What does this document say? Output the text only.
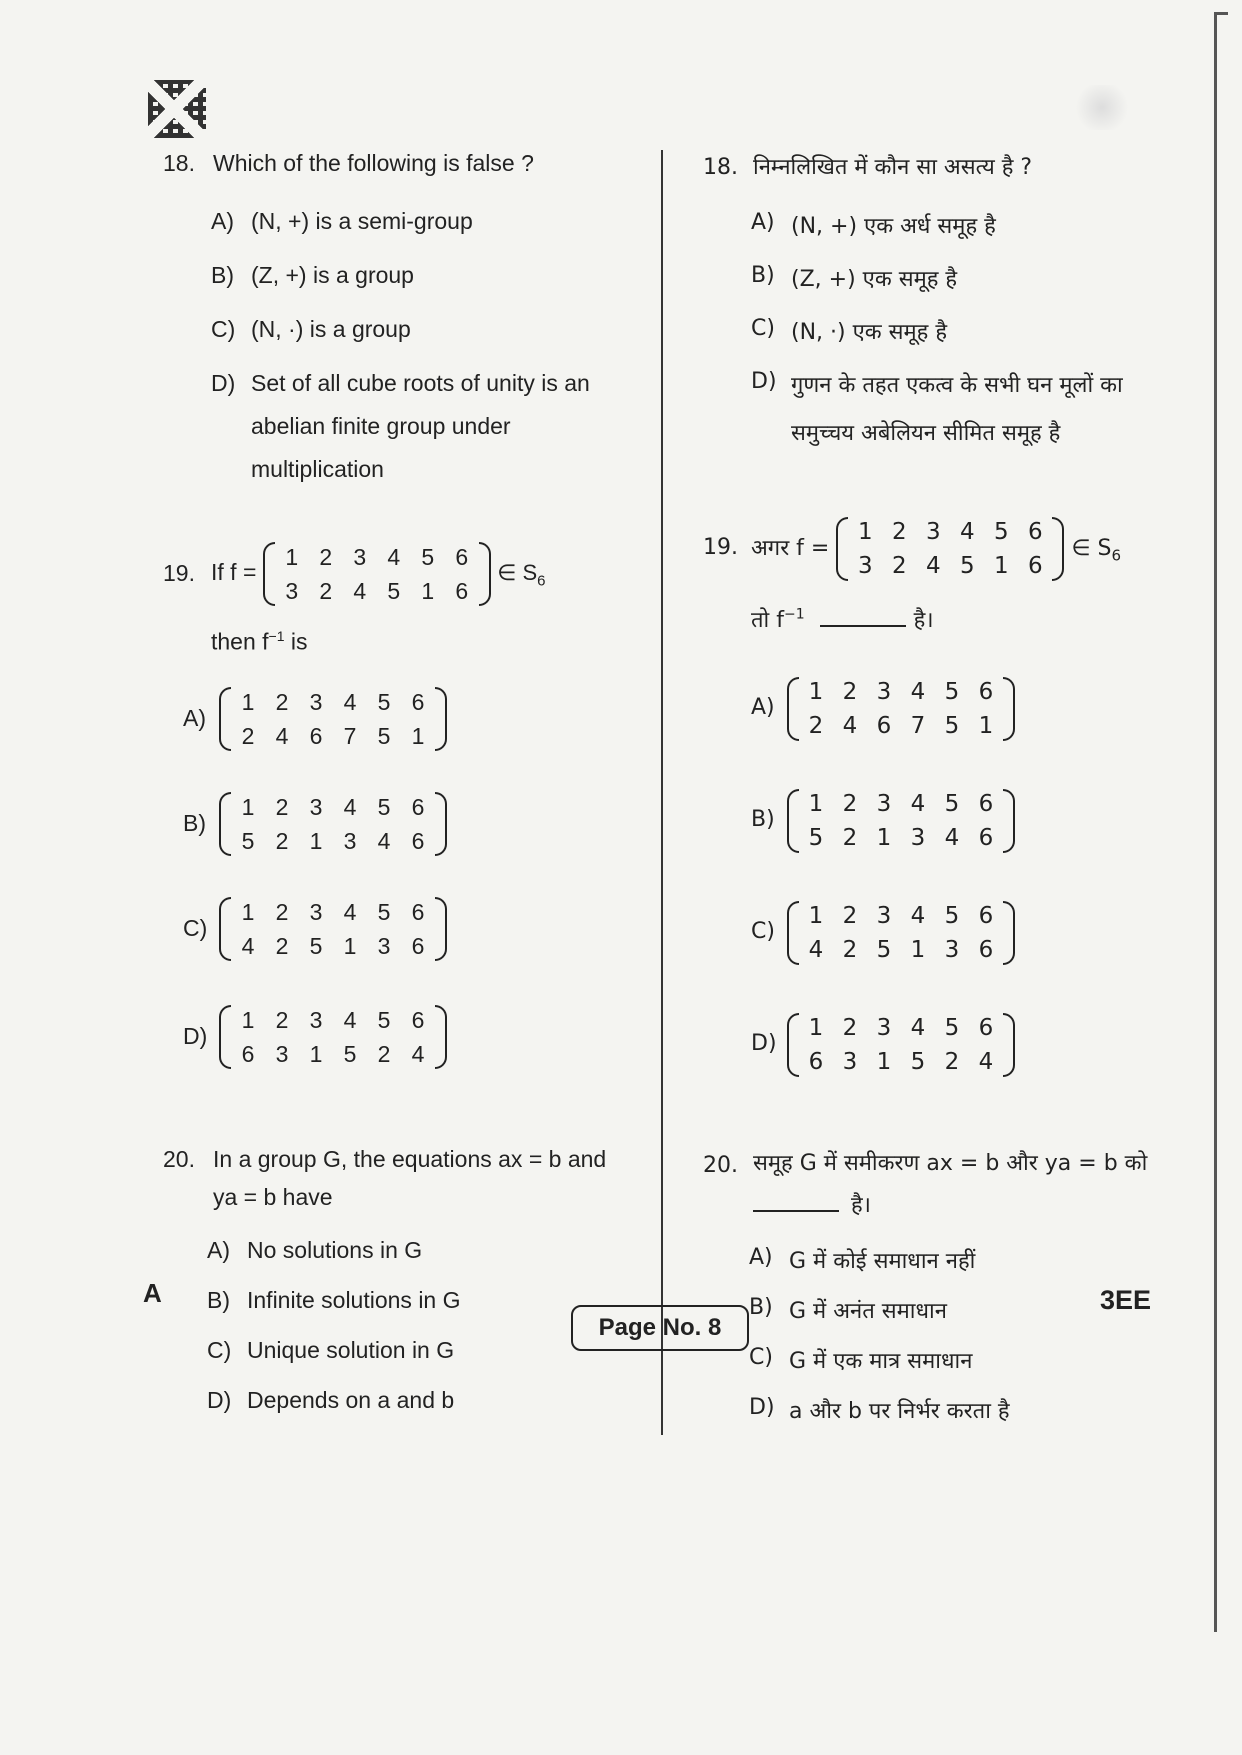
18. Which of the following is false ?
A) (N, +) is a semi-group
B) (Z, +) is a group
C) (N, ·) is a group
D) Set of all cube roots of unity is an
abelian finite group under
multiplication
19. If f =
1 2 3 4 5 6
3 2 4 5 1 6
∈ $S_6$
then $f^{-1}$ is
A)
1 2 3 4 5 6
2 4 6 7 5 1
B)
1 2 3 4 5 6
5 2 1 3 4 6
C)
1 2 3 4 5 6
4 2 5 1 3 6
D)
1 2 3 4 5 6
6 3 1 5 2 4
20. In a group G, the equations ax = b and
ya = b have
A) No solutions in G
B) Infinite solutions in G
C) Unique solution in G
D) Depends on a and b
18. निम्नलिखित में कौन सा असत्य है ?
A) (N, +) एक अर्ध समूह है
B) (Z, +) एक समूह है
C) (N, ·) एक समूह है
D) गुणन के तहत एकत्व के सभी घन मूलों का
समुच्चय अबेलियन सीमित समूह है
19. अगर f =
1 2 3 4 5 6
3 2 4 5 1 6
∈ $S_6$
तो $f^{-1}$	है।
A)
1 2 3 4 5 6
2 4 6 7 5 1
B)
1 2 3 4 5 6
5 2 1 3 4 6
C)
1 2 3 4 5 6
4 2 5 1 3 6
D)
1 2 3 4 5 6
6 3 1 5 2 4
20. समूह G में समीकरण ax = b और ya = b को
है।
A) G में कोई समाधान नहीं
B) G में अनंत समाधान
C) G में एक मात्र समाधान
D) a और b पर निर्भर करता है
A
Page No. 8
3EE
